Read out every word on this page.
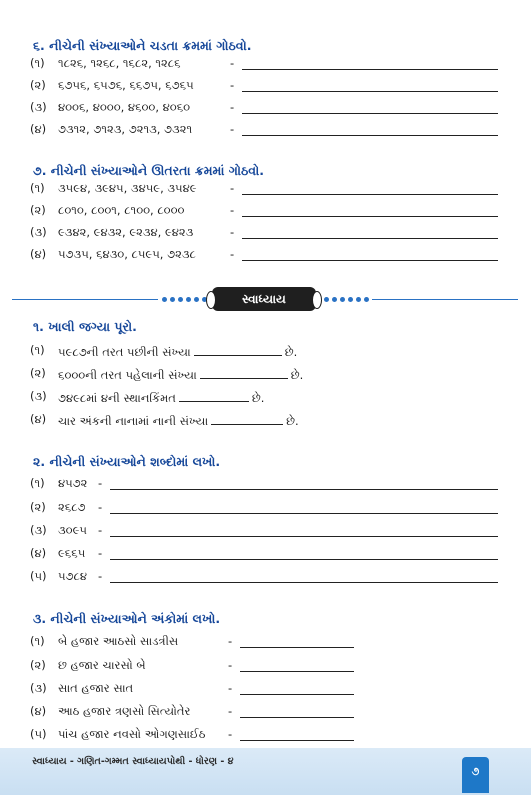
૬. નીચેની સંખ્યાઓને ચડતા ક્રમમાં ગોઠવો.
(૧) ૧૮૨૬, ૧૨૬૮, ૧૬૮૨, ૧૨૮૬	-
(૨) ૬૭૫૬, ૬૫૭૬, ૬૬૭૫, ૬૭૬૫	-
(૩) ૪૦૦૬, ૪૦૦૦, ૪૬૦૦, ૪૦૬૦	-
(૪) ૭૩૧૨, ૭૧૨૩, ૭૨૧૩, ૭૩૨૧	-
૭. નીચેની સંખ્યાઓને ઊતરતા ક્રમમાં ગોઠવો.
(૧) ૩૫૯૪, ૩૯૪૫, ૩૪૫૯, ૩૫૪૯	-
(૨) ૮૦૧૦, ૮૦૦૧, ૮૧૦૦, ૮૦૦૦	-
(૩) ૯૩૪૨, ૯૪૩૨, ૯૨૩૪, ૯૪૨૩	-
(૪) ૫૭૩૫, ૬૪૩૦, ૮૫૯૫, ૭૨૩૮	-
સ્વાધ્યાય
૧. ખાલી જગ્યા પૂરો.
(૧) ૫૯૮૭ની તરત પછીની સંખ્યા	છે.
(૨) ૬૦૦૦ની તરત પહેલાની સંખ્યા	છે.
(૩) ૭૪૯૮માં ૪ની સ્થાનકિંમત	છે.
(૪) ચાર અંકની નાનામાં નાની સંખ્યા	છે.
૨. નીચેની સંખ્યાઓને શબ્દોમાં લખો.
(૧) ૪૫૭૨ -
(૨) ૨૬૮૭ -
(૩) ૩૦૯૫ -
(૪) ૯૬૬૫ -
(૫) ૫૭૮૪ -
૩. નીચેની સંખ્યાઓને અંકોમાં લખો.
(૧) બે હજાર આઠસો સાડત્રીસ	-
(૨) છ હજાર ચારસો બે	-
(૩) સાત હજાર સાત	-
(૪) આઠ હજાર ત્રણસો સિત્યોતેર	-
(૫) પાંચ હજાર નવસો ઓગણસાઈઠ -
સ્વાધ્યાય - ગણિત-ગમ્મત સ્વાધ્યાયપોથી - ધોરણ - ૪
૭
